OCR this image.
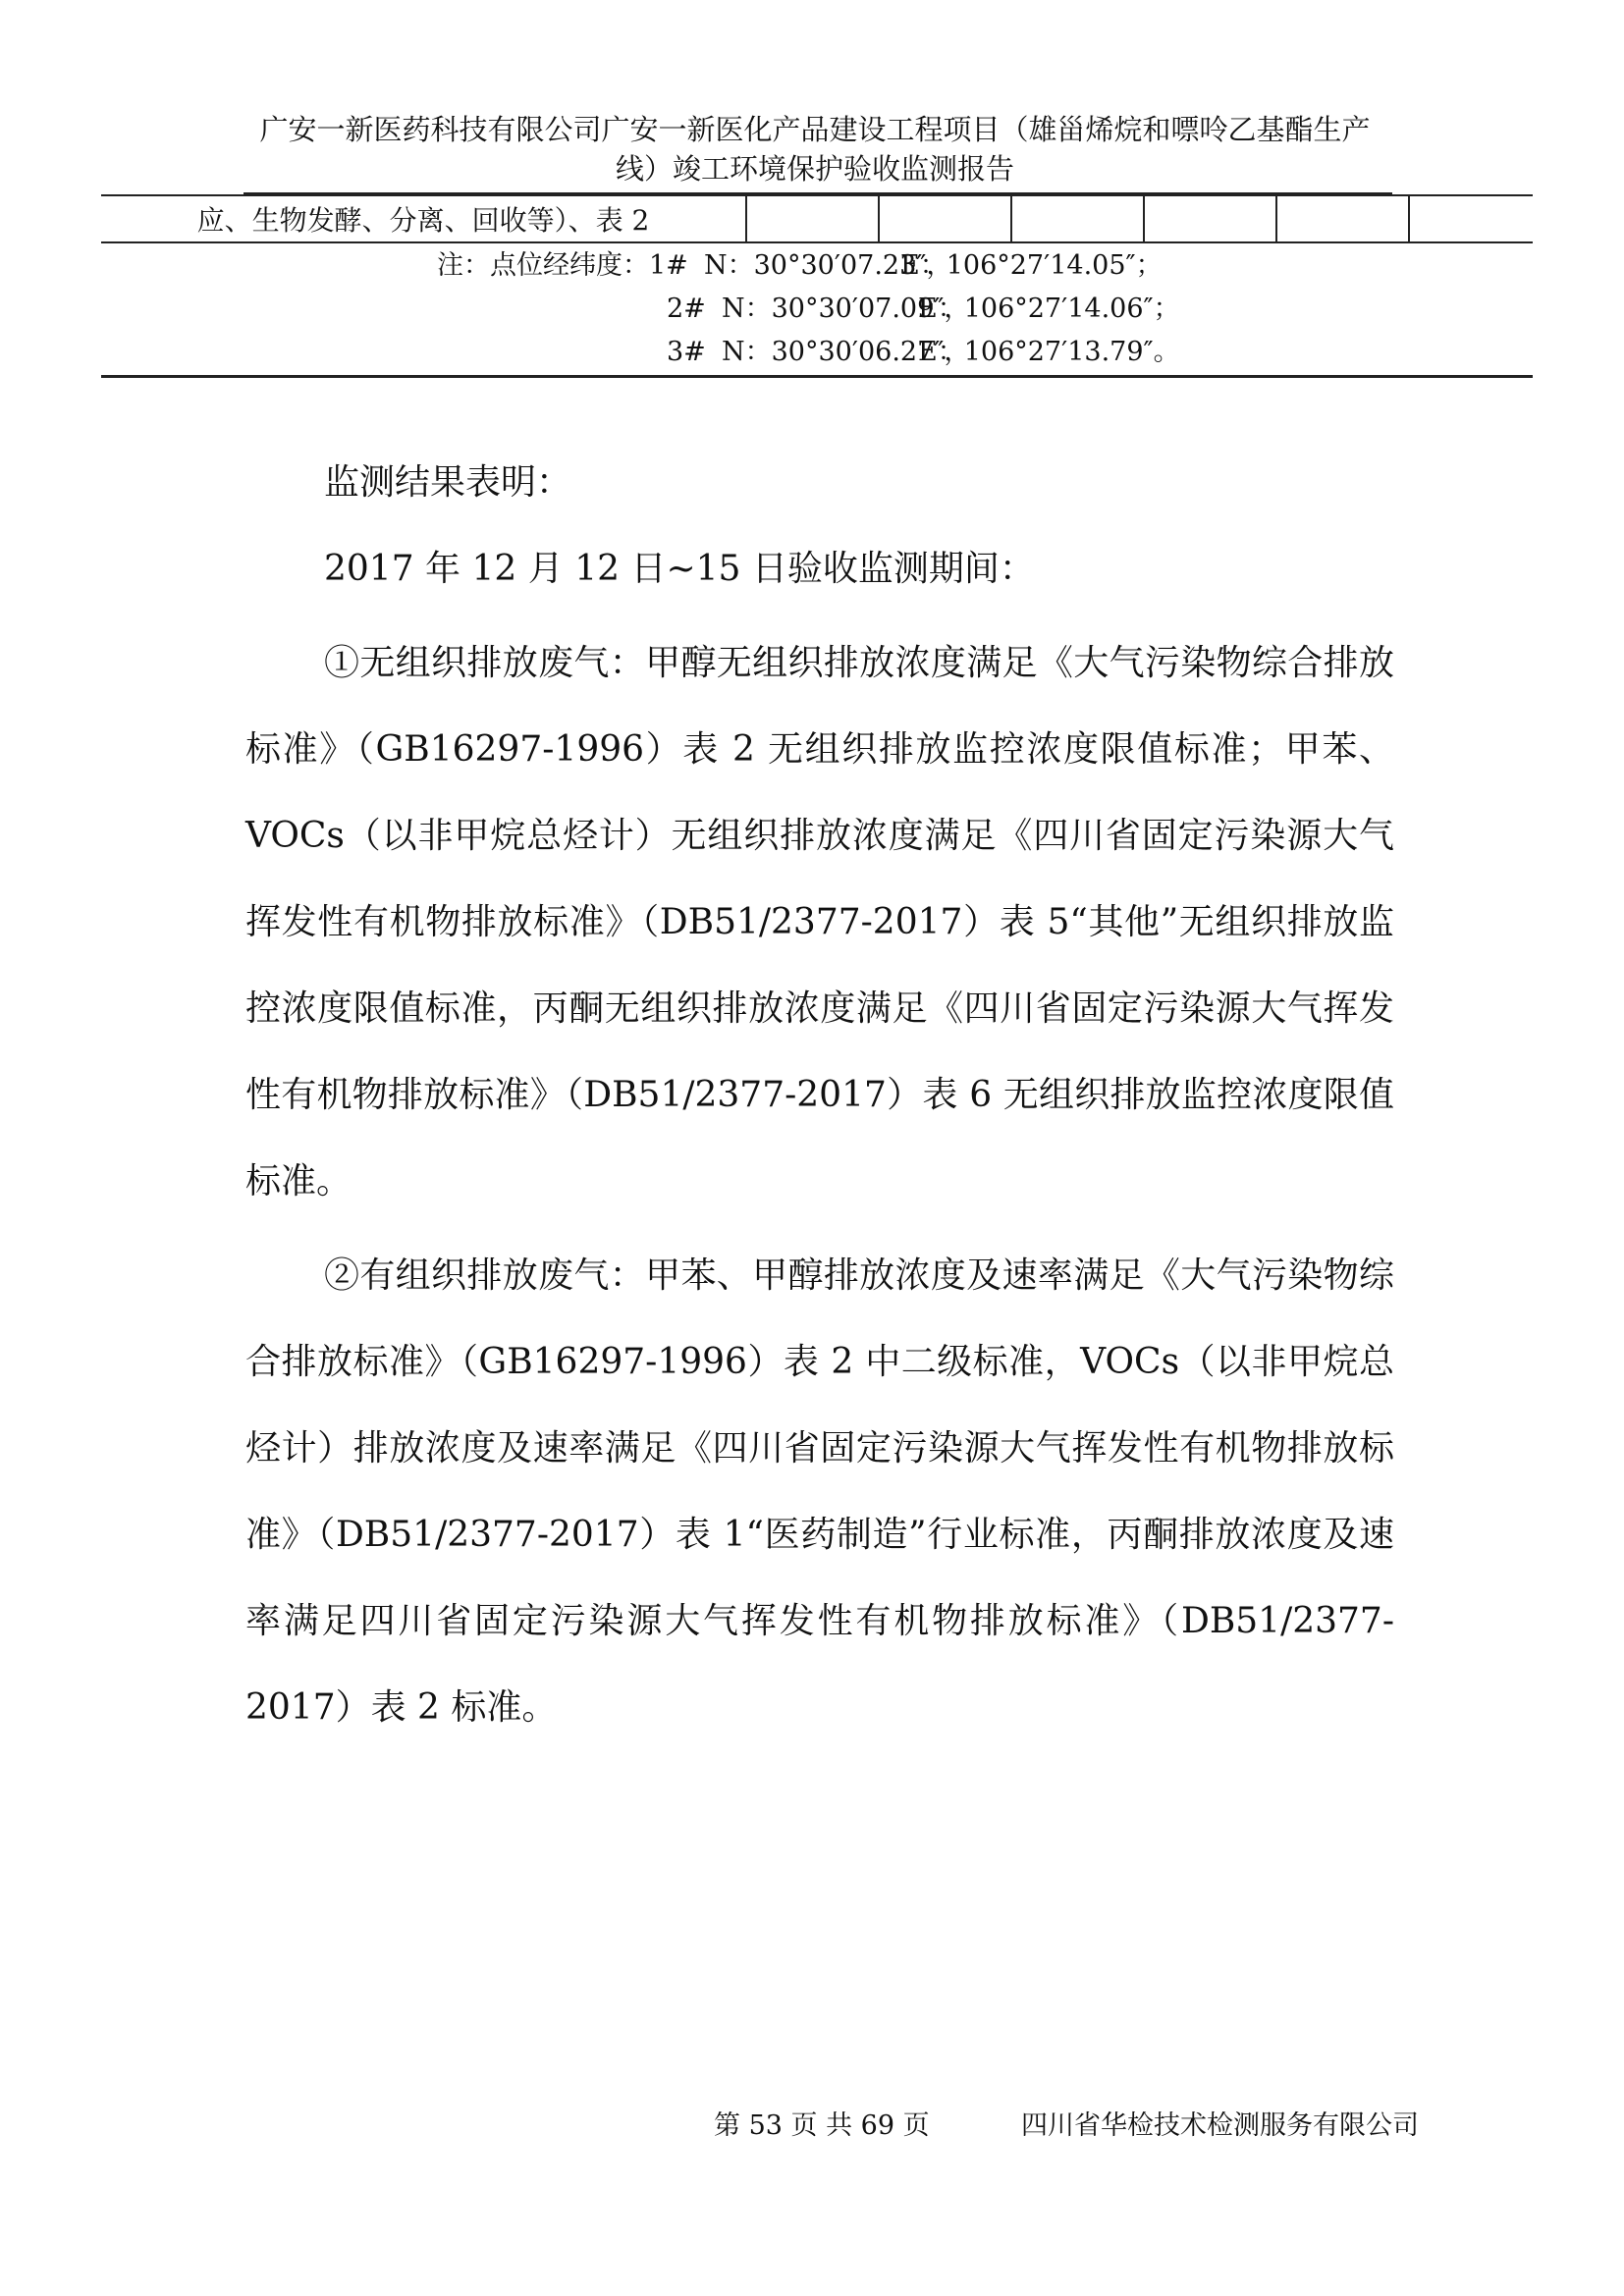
广安一新医药科技有限公司广安一新医化产品建设工程项目（雄甾烯烷和嘌呤乙基酯生产
线）竣工环境保护验收监测报告
应、生物发酵、分离、回收等）、表 2						
注：点位经纬度：1# N：30°30′07.23″，E：106°27′14.05″；
2# N：30°30′07.09″，E：106°27′14.06″；
3# N：30°30′06.27″，E：106°27′13.79″。

监测结果表明：

2017 年 12 月 12 日~15 日验收监测期间：

①无组织排放废气：甲醇无组织排放浓度满足《大气污染物综合排放标准》（GB16297-1996）表 2 无组织排放监控浓度限值标准；甲苯、VOCs（以非甲烷总烃计）无组织排放浓度满足《四川省固定污染源大气挥发性有机物排放标准》（DB51/2377-2017）表 5“其他”无组织排放监控浓度限值标准，丙酮无组织排放浓度满足《四川省固定污染源大气挥发性有机物排放标准》（DB51/2377-2017）表 6 无组织排放监控浓度限值标准。

②有组织排放废气：甲苯、甲醇排放浓度及速率满足《大气污染物综合排放标准》（GB16297-1996）表 2 中二级标准，VOCs（以非甲烷总烃计）排放浓度及速率满足《四川省固定污染源大气挥发性有机物排放标准》（DB51/2377-2017）表 1“医药制造”行业标准，丙酮排放浓度及速率满足四川省固定污染源大气挥发性有机物排放标准》（DB51/2377-2017）表 2 标准。

第 53 页 共 69 页	四川省华检技术检测服务有限公司
